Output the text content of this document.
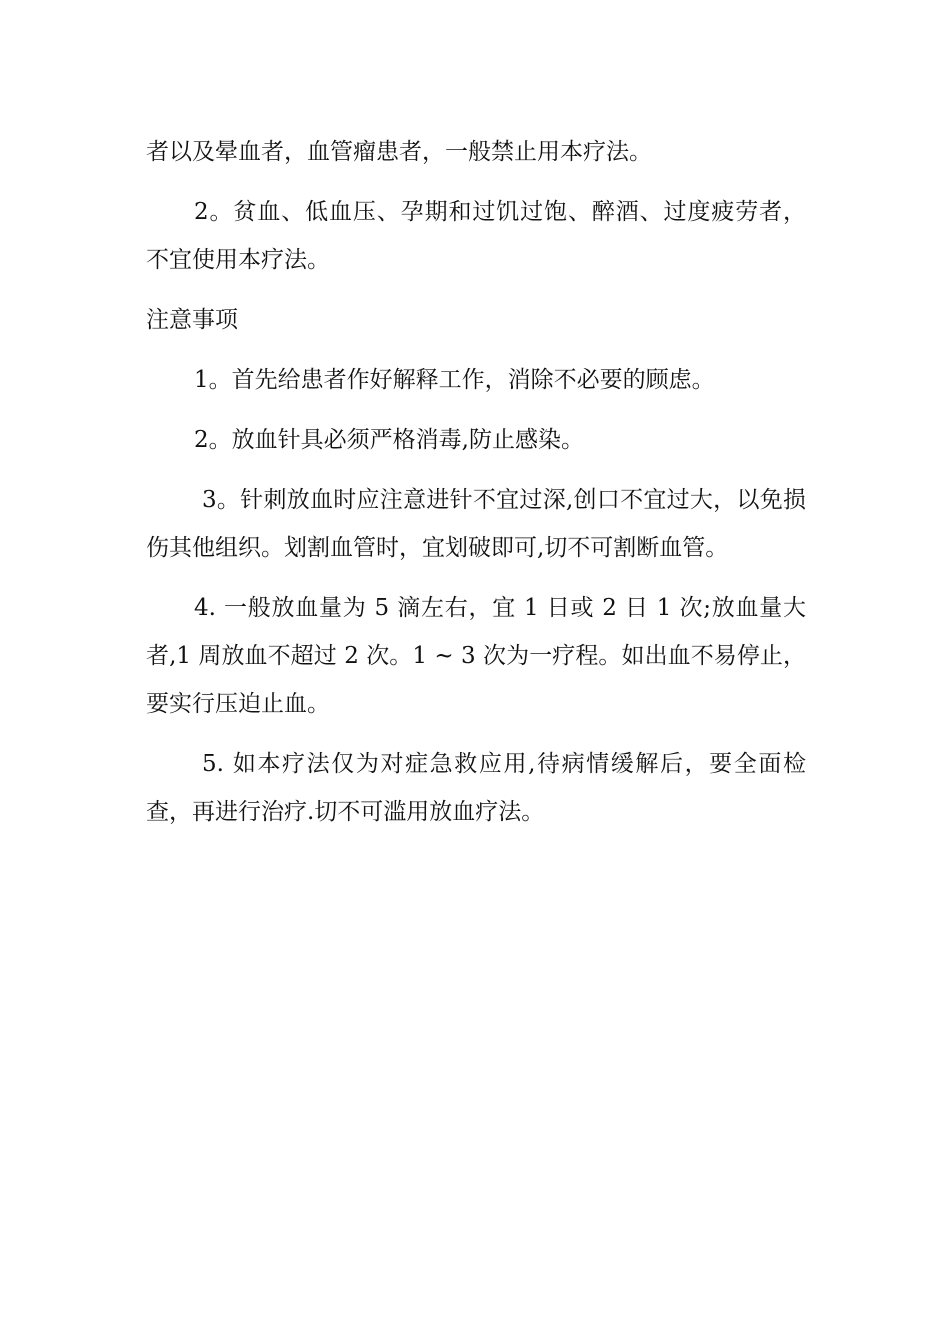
者以及晕血者，血管瘤患者，一般禁止用本疗法。

2。贫血、低血压、孕期和过饥过饱、醉酒、过度疲劳者，不宜使用本疗法。

注意事项

1。首先给患者作好解释工作，消除不必要的顾虑。

2。放血针具必须严格消毒,防止感染。

3。针刺放血时应注意进针不宜过深,创口不宜过大，以免损伤其他组织。划割血管时，宜划破即可,切不可割断血管。

4. 一般放血量为 5 滴左右，宜 1 日或 2 日 1 次;放血量大者,1 周放血不超过 2 次。1 ~ 3 次为一疗程。如出血不易停止，要实行压迫止血。

5. 如本疗法仅为对症急救应用,待病情缓解后，要全面检查，再进行治疗.切不可滥用放血疗法。
